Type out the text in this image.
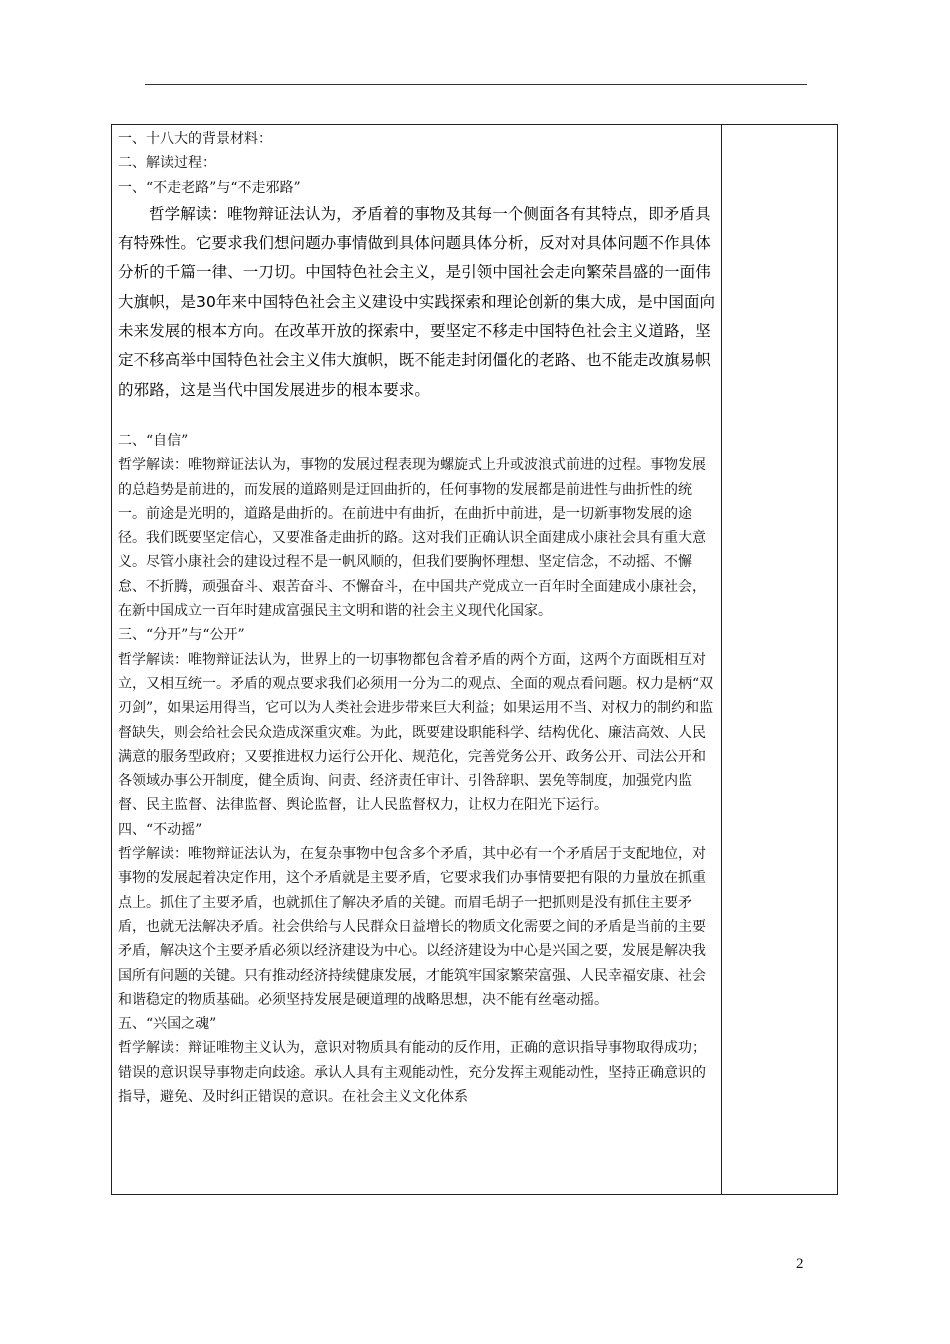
一、十八大的背景材料：

二、解读过程：

一、“不走老路”与“不走邪路”

哲学解读：唯物辩证法认为，矛盾着的事物及其每一个侧面各有其特点，即矛盾具有特殊性。它要求我们想问题办事情做到具体问题具体分析，反对对具体问题不作具体分析的千篇一律、一刀切。中国特色社会主义，是引领中国社会走向繁荣昌盛的一面伟大旗帜，是30年来中国特色社会主义建设中实践探索和理论创新的集大成，是中国面向未来发展的根本方向。在改革开放的探索中，要坚定不移走中国特色社会主义道路，坚定不移高举中国特色社会主义伟大旗帜，既不能走封闭僵化的老路、也不能走改旗易帜的邪路，这是当代中国发展进步的根本要求。

二、“自信”

哲学解读：唯物辩证法认为，事物的发展过程表现为螺旋式上升或波浪式前进的过程。事物发展的总趋势是前进的，而发展的道路则是迂回曲折的，任何事物的发展都是前进性与曲折性的统一。前途是光明的，道路是曲折的。在前进中有曲折，在曲折中前进，是一切新事物发展的途径。我们既要坚定信心，又要准备走曲折的路。这对我们正确认识全面建成小康社会具有重大意义。尽管小康社会的建设过程不是一帆风顺的，但我们要胸怀理想、坚定信念，不动摇、不懈怠、不折腾，顽强奋斗、艰苦奋斗、不懈奋斗，在中国共产党成立一百年时全面建成小康社会，在新中国成立一百年时建成富强民主文明和谐的社会主义现代化国家。

三、“分开”与“公开”

哲学解读：唯物辩证法认为，世界上的一切事物都包含着矛盾的两个方面，这两个方面既相互对立，又相互统一。矛盾的观点要求我们必须用一分为二的观点、全面的观点看问题。权力是柄“双刃剑”，如果运用得当，它可以为人类社会进步带来巨大利益；如果运用不当、对权力的制约和监督缺失，则会给社会民众造成深重灾难。为此，既要建设职能科学、结构优化、廉洁高效、人民满意的服务型政府；又要推进权力运行公开化、规范化，完善党务公开、政务公开、司法公开和各领域办事公开制度，健全质询、问责、经济责任审计、引咎辞职、罢免等制度，加强党内监督、民主监督、法律监督、舆论监督，让人民监督权力，让权力在阳光下运行。

四、“不动摇”

哲学解读：唯物辩证法认为，在复杂事物中包含多个矛盾，其中必有一个矛盾居于支配地位，对事物的发展起着决定作用，这个矛盾就是主要矛盾，它要求我们办事情要把有限的力量放在抓重点上。抓住了主要矛盾，也就抓住了解决矛盾的关键。而眉毛胡子一把抓则是没有抓住主要矛盾，也就无法解决矛盾。社会供给与人民群众日益增长的物质文化需要之间的矛盾是当前的主要矛盾，解决这个主要矛盾必须以经济建设为中心。以经济建设为中心是兴国之要，发展是解决我国所有问题的关键。只有推动经济持续健康发展，才能筑牢国家繁荣富强、人民幸福安康、社会和谐稳定的物质基础。必须坚持发展是硬道理的战略思想，决不能有丝毫动摇。

五、“兴国之魂”

哲学解读：辩证唯物主义认为，意识对物质具有能动的反作用，正确的意识指导事物取得成功；错误的意识误导事物走向歧途。承认人具有主观能动性，充分发挥主观能动性，坚持正确意识的指导，避免、及时纠正错误的意识。在社会主义文化体系

2
